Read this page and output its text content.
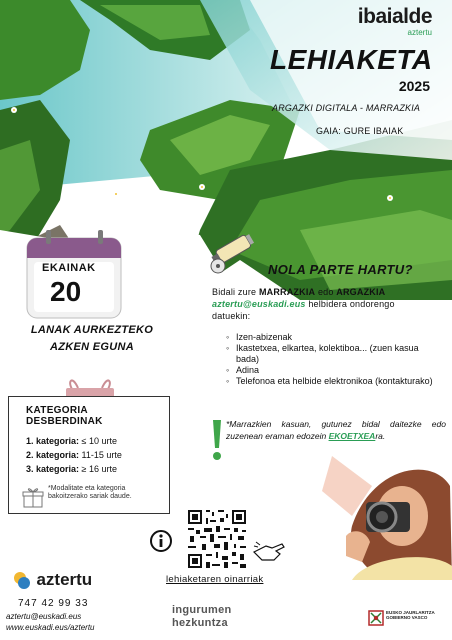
ibaialde
aztertu
LEHIAKETA
2025
ARGAZKI DIGITALA - MARRAZKIA
GAIA: GURE IBAIAK
EKAINAK
20
LANAK AURKEZTEKO
AZKEN EGUNA
KATEGORIA
DESBERDINAK
1. kategoria: ≤ 10 urte
2. kategoria: 11-15 urte
3. kategoria: ≥ 16 urte
*Modalitate eta kategoria bakoitzerako sariak daude.
NOLA PARTE HARTU?
Bidali zure MARRAZKIA edo ARGAZKIA aztertu@euskadi.eus helbidera ondorengo datuekin:
◦ Izen-abizenak
◦ Ikastetxea, elkartea, kolektiboa... (zuen kasua bada)
◦ Adina
◦ Telefonoa eta helbide elektronikoa (kontakturako)
*Marrazkien kasuan, gutunez bidal daitezke edo zuzenean eraman edozein EKOETXEAra.
lehiaketaren oinarriak
aztertu
747 42 99 33
aztertu@euskadi.eus
www.euskadi.eus/aztertu
ingurumen
hezkuntza
EUSKO JAURLARITZA
GOBIERNO VASCO
